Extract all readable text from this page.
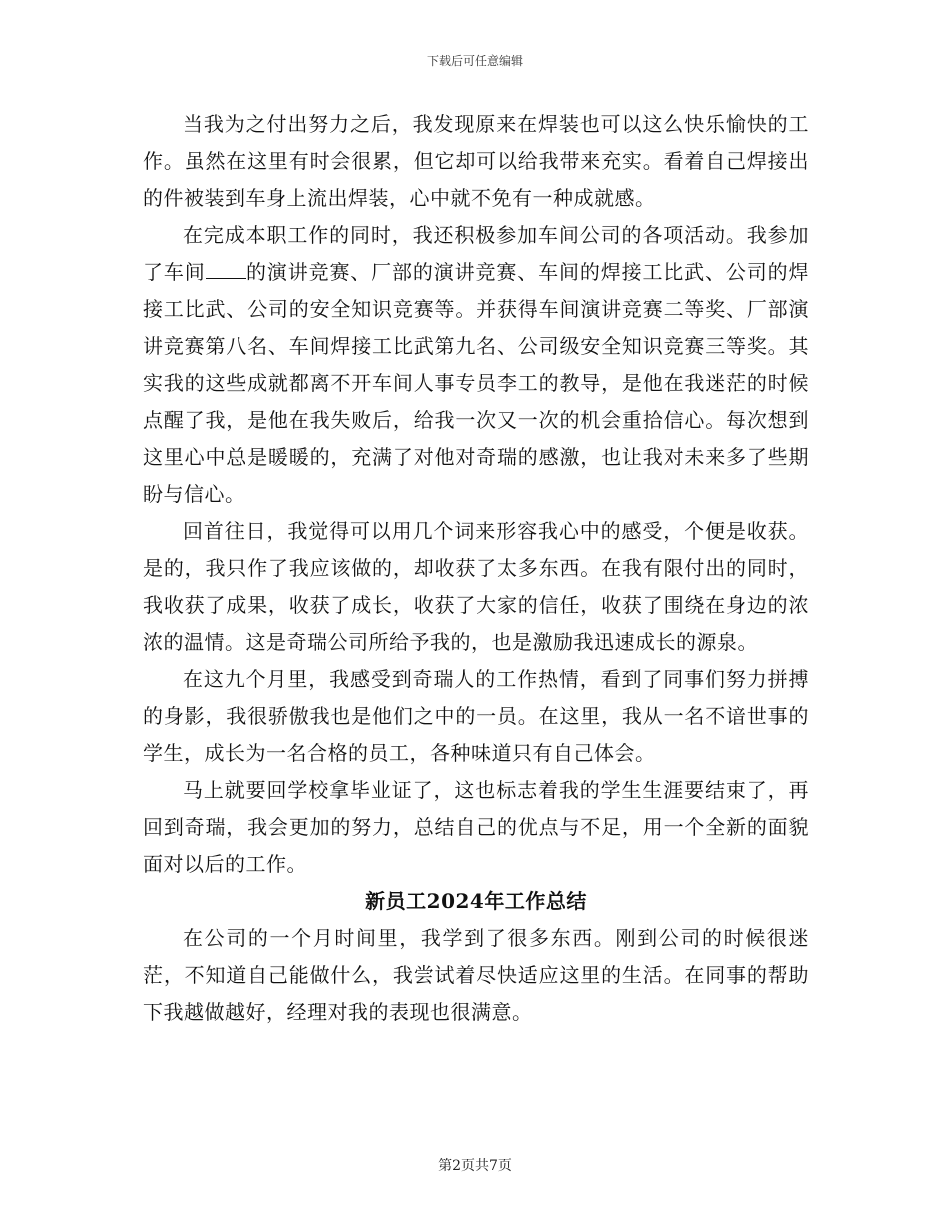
下载后可任意编辑

当我为之付出努力之后，我发现原来在焊装也可以这么快乐愉快的工作。虽然在这里有时会很累，但它却可以给我带来充实。看着自己焊接出的件被装到车身上流出焊装，心中就不免有一种成就感。

在完成本职工作的同时，我还积极参加车间公司的各项活动。我参加了车间 的演讲竞赛、厂部的演讲竞赛、车间的焊接工比武、公司的焊接工比武、公司的安全知识竞赛等。并获得车间演讲竞赛二等奖、厂部演讲竞赛第八名、车间焊接工比武第九名、公司级安全知识竞赛三等奖。其实我的这些成就都离不开车间人事专员李工的教导，是他在我迷茫的时候点醒了我，是他在我失败后，给我一次又一次的机会重拾信心。每次想到这里心中总是暖暖的，充满了对他对奇瑞的感激，也让我对未来多了些期盼与信心。

回首往日，我觉得可以用几个词来形容我心中的感受，个便是收获。是的，我只作了我应该做的，却收获了太多东西。在我有限付出的同时，我收获了成果，收获了成长，收获了大家的信任，收获了围绕在身边的浓浓的温情。这是奇瑞公司所给予我的，也是激励我迅速成长的源泉。

在这九个月里，我感受到奇瑞人的工作热情，看到了同事们努力拼搏的身影，我很骄傲我也是他们之中的一员。在这里，我从一名不谙世事的学生，成长为一名合格的员工，各种味道只有自己体会。

马上就要回学校拿毕业证了，这也标志着我的学生生涯要结束了，再回到奇瑞，我会更加的努力，总结自己的优点与不足，用一个全新的面貌面对以后的工作。

新员工2024年工作总结

在公司的一个月时间里，我学到了很多东西。刚到公司的时候很迷茫，不知道自己能做什么，我尝试着尽快适应这里的生活。在同事的帮助下我越做越好，经理对我的表现也很满意。

第2页共7页
